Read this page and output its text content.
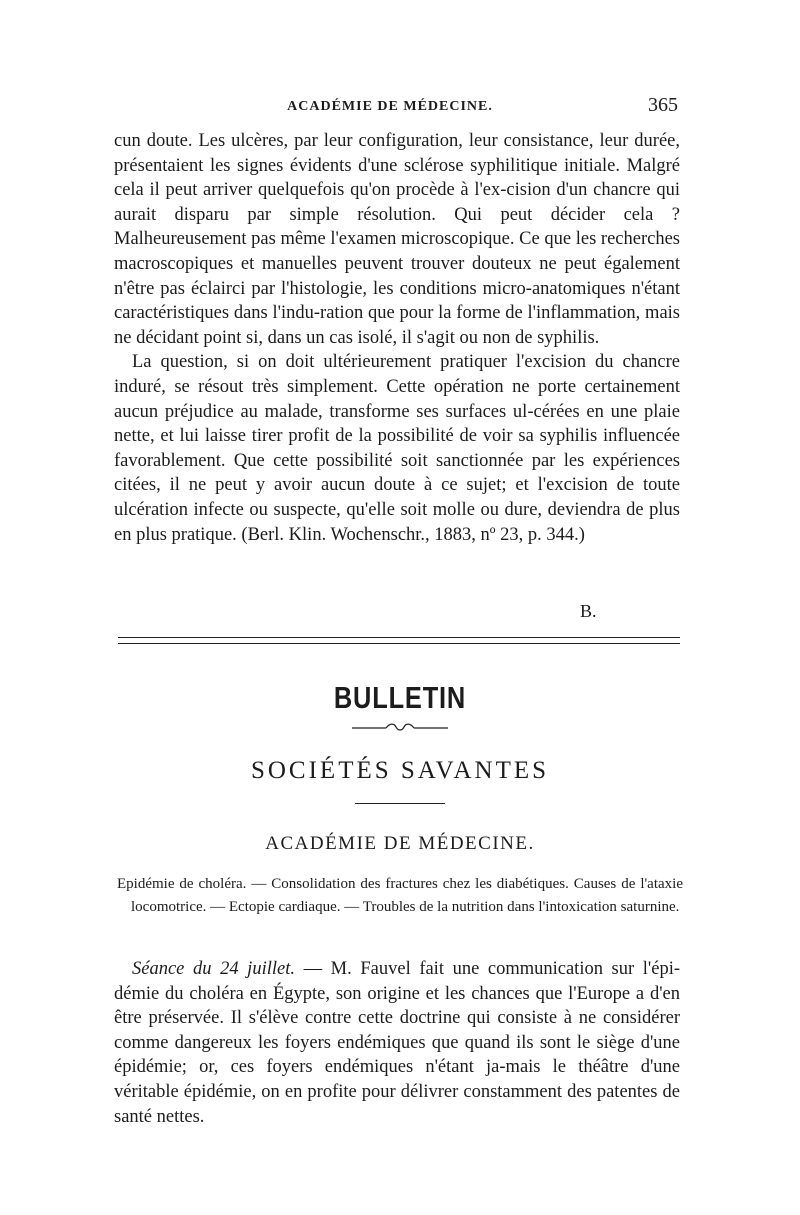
ACADÉMIE DE MÉDECINE.	365

cun doute. Les ulcères, par leur configuration, leur consistance, leur durée, présentaient les signes évidents d'une sclérose syphilitique initiale. Malgré cela il peut arriver quelquefois qu'on procède à l'ex-cision d'un chancre qui aurait disparu par simple résolution. Qui peut décider cela ? Malheureusement pas même l'examen microscopique. Ce que les recherches macroscopiques et manuelles peuvent trouver douteux ne peut également n'être pas éclairci par l'histologie, les conditions micro-anatomiques n'étant caractéristiques dans l'indu-ration que pour la forme de l'inflammation, mais ne décidant point si, dans un cas isolé, il s'agit ou non de syphilis.

La question, si on doit ultérieurement pratiquer l'excision du chancre induré, se résout très simplement. Cette opération ne porte certainement aucun préjudice au malade, transforme ses surfaces ul-cérées en une plaie nette, et lui laisse tirer profit de la possibilité de voir sa syphilis influencée favorablement. Que cette possibilité soit sanctionnée par les expériences citées, il ne peut y avoir aucun doute à ce sujet; et l'excision de toute ulcération infecte ou suspecte, qu'elle soit molle ou dure, deviendra de plus en plus pratique. (Berl. Klin. Wochenschr., 1883, nº 23, p. 344.)

B.
BULLETIN
SOCIÉTÉS SAVANTES
ACADÉMIE DE MÉDECINE.

Epidémie de choléra. — Consolidation des fractures chez les diabétiques. Causes de l'ataxie locomotrice. — Ectopie cardiaque. — Troubles de la nutrition dans l'intoxication saturnine.

Séance du 24 juillet. — M. Fauvel fait une communication sur l'épi-démie du choléra en Égypte, son origine et les chances que l'Europe a d'en être préservée. Il s'élève contre cette doctrine qui consiste à ne considérer comme dangereux les foyers endémiques que quand ils sont le siège d'une épidémie; or, ces foyers endémiques n'étant ja-mais le théâtre d'une véritable épidémie, on en profite pour délivrer constamment des patentes de santé nettes.
